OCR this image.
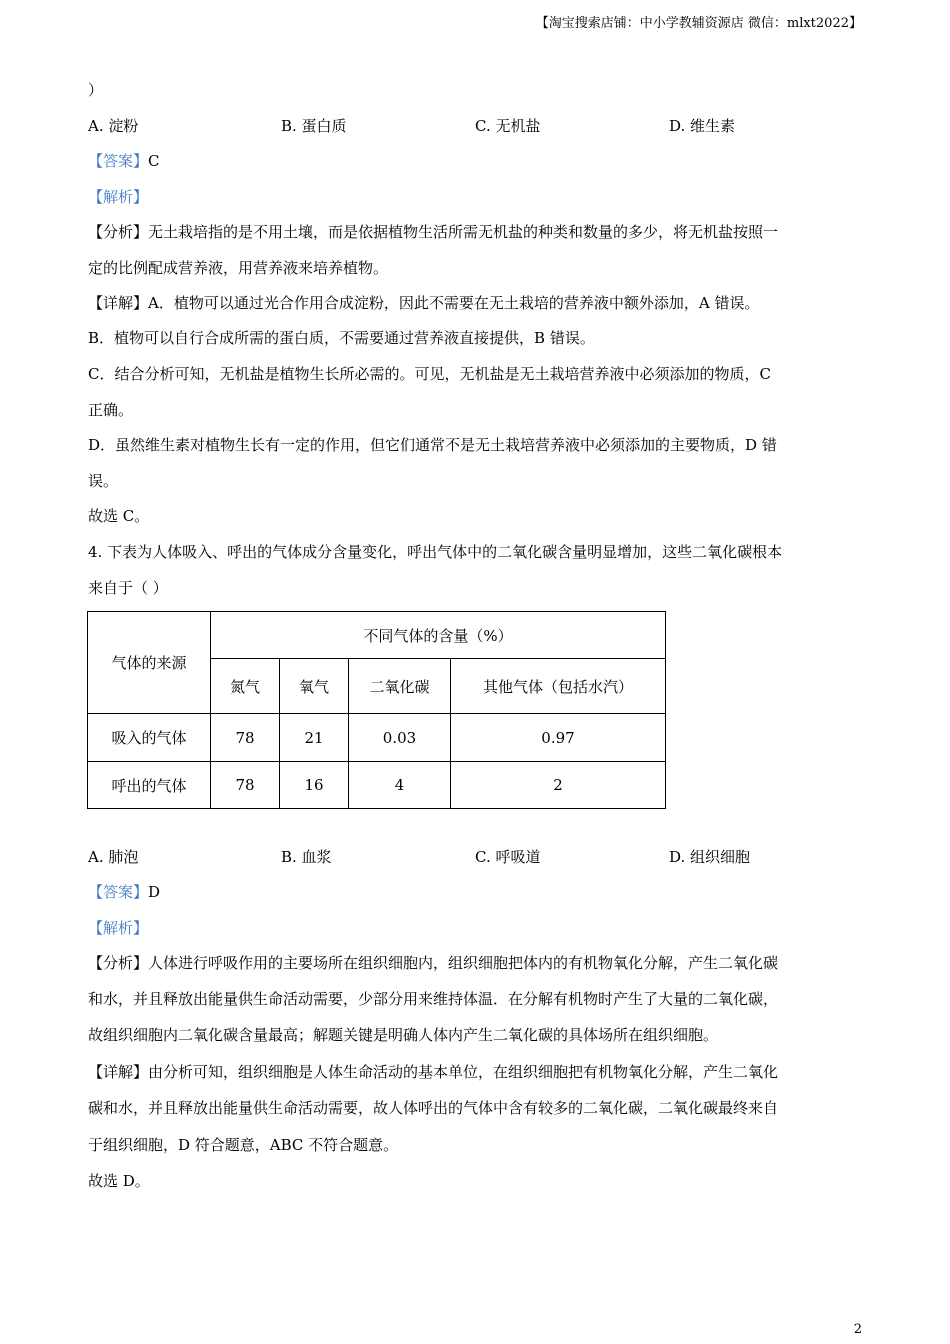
【淘宝搜索店铺：中小学教辅资源店 微信：mlxt2022】
）
A. 淀粉	B. 蛋白质	C. 无机盐	D. 维生素
【答案】C
【解析】
【分析】无土栽培指的是不用土壤，而是依据植物生活所需无机盐的种类和数量的多少，将无机盐按照一
定的比例配成营养液，用营养液来培养植物。
【详解】A．植物可以通过光合作用合成淀粉，因此不需要在无土栽培的营养液中额外添加，A 错误。
B．植物可以自行合成所需的蛋白质，不需要通过营养液直接提供，B 错误。
C．结合分析可知，无机盐是植物生长所必需的。可见，无机盐是无土栽培营养液中必须添加的物质，C
正确。
D．虽然维生素对植物生长有一定的作用，但它们通常不是无土栽培营养液中必须添加的主要物质，D 错
误。
故选 C。
4. 下表为人体吸入、呼出的气体成分含量变化，呼出气体中的二氧化碳含量明显增加，这些二氧化碳根本
来自于（ ）
气体的来源	不同气体的含量（%）			
	氮气	氧气	二氧化碳	其他气体（包括水汽）
吸入的气体	78	21	0.03	0.97
呼出的气体	78	16	4	2
A. 肺泡	B. 血浆	C. 呼吸道	D. 组织细胞
【答案】D
【解析】
【分析】人体进行呼吸作用的主要场所在组织细胞内，组织细胞把体内的有机物氧化分解，产生二氧化碳
和水，并且释放出能量供生命活动需要，少部分用来维持体温．在分解有机物时产生了大量的二氧化碳，
故组织细胞内二氧化碳含量最高；解题关键是明确人体内产生二氧化碳的具体场所在组织细胞。
【详解】由分析可知，组织细胞是人体生命活动的基本单位，在组织细胞把有机物氧化分解，产生二氧化
碳和水，并且释放出能量供生命活动需要，故人体呼出的气体中含有较多的二氧化碳，二氧化碳最终来自
于组织细胞，D 符合题意，ABC 不符合题意。
故选 D。
2
